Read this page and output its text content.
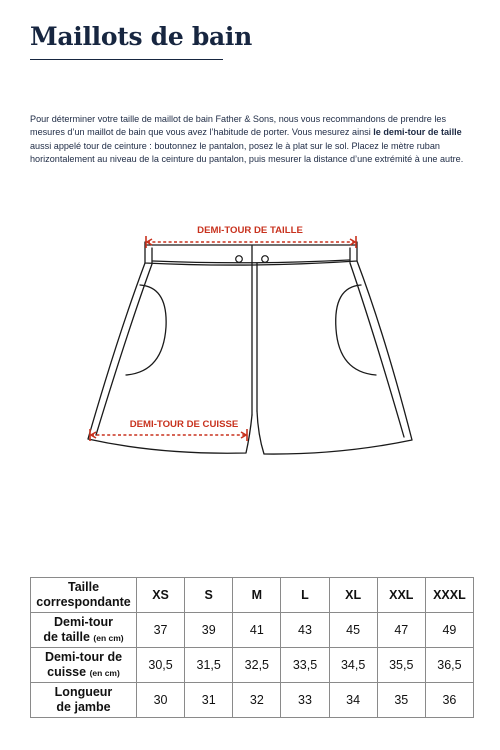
Maillots de bain

Pour déterminer votre taille de maillot de bain Father & Sons, nous vous recommandons de prendre les mesures d’un maillot de bain que vous avez l’habitude de porter. Vous mesurez ainsi le demi-tour de taille aussi appelé tour de ceinture : boutonnez le pantalon, posez le à plat sur le sol. Placez le mètre ruban horizontalement au niveau de la ceinture du pantalon, puis mesurer la distance d’une extrémité à une autre.

DEMI-TOUR DE TAILLE
DEMI-TOUR DE CUISSE
Taille
correspondante	XS	S	M	L	XL	XXL	XXXL
Demi-tour
de taille (en cm)	37	39	41	43	45	47	49
Demi-tour de
cuisse (en cm)	30,5	31,5	32,5	33,5	34,5	35,5	36,5
Longueur
de jambe	30	31	32	33	34	35	36
